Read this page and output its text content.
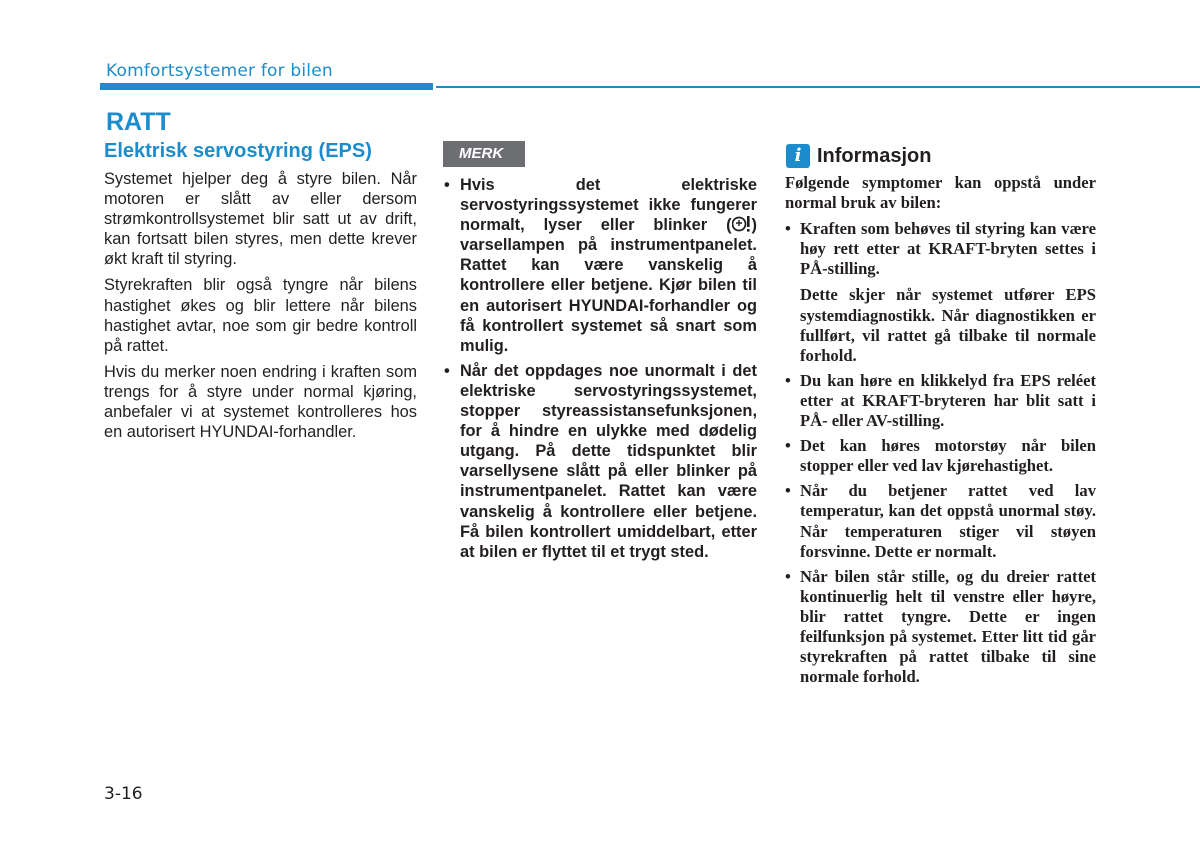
Komfortsystemer for bilen
RATT
Elektrisk servostyring (EPS)

Systemet hjelper deg å styre bilen. Når motoren er slått av eller dersom strømkontrollsystemet blir satt ut av drift, kan fortsatt bilen styres, men dette krever økt kraft til styring.

Styrekraften blir også tyngre når bilens hastighet økes og blir lettere når bilens hastighet avtar, noe som gir bedre kontroll på rattet.

Hvis du merker noen endring i kraften som trengs for å styre under normal kjøring, anbefaler vi at systemet kontrolleres hos en autorisert HYUNDAI-forhandler.

MERK
• Hvis det elektriske servostyringssystemet ikke fungerer normalt, lyser eller blinker ( ) varsellampen på instrumentpanelet. Rattet kan være vanskelig å kontrollere eller betjene. Kjør bilen til en autorisert HYUNDAI-forhandler og få kontrollert systemet så snart som mulig.
• Når det oppdages noe unormalt i det elektriske servostyringssystemet, stopper styreassistansefunksjonen, for å hindre en ulykke med dødelig utgang. På dette tidspunktet blir varsellysene slått på eller blinker på instrumentpanelet. Rattet kan være vanskelig å kontrollere eller betjene. Få bilen kontrollert umiddelbart, etter at bilen er flyttet til et trygt sted.
i Informasjon

Følgende symptomer kan oppstå under normal bruk av bilen:

• Kraften som behøves til styring kan være høy rett etter at KRAFT-bryten settes i PÅ-stilling.

Dette skjer når systemet utfører EPS systemdiagnostikk. Når diagnostikken er fullført, vil rattet gå tilbake til normale forhold.

• Du kan høre en klikkelyd fra EPS reléet etter at KRAFT-bryteren har blit satt i PÅ- eller AV-stilling.

• Det kan høres motorstøy når bilen stopper eller ved lav kjørehastighet.

• Når du betjener rattet ved lav temperatur, kan det oppstå unormal støy. Når temperaturen stiger vil støyen forsvinne. Dette er normalt.

• Når bilen står stille, og du dreier rattet kontinuerlig helt til venstre eller høyre, blir rattet tyngre. Dette er ingen feilfunksjon på systemet. Etter litt tid går styrekraften på rattet tilbake til sine normale forhold.

3-16
